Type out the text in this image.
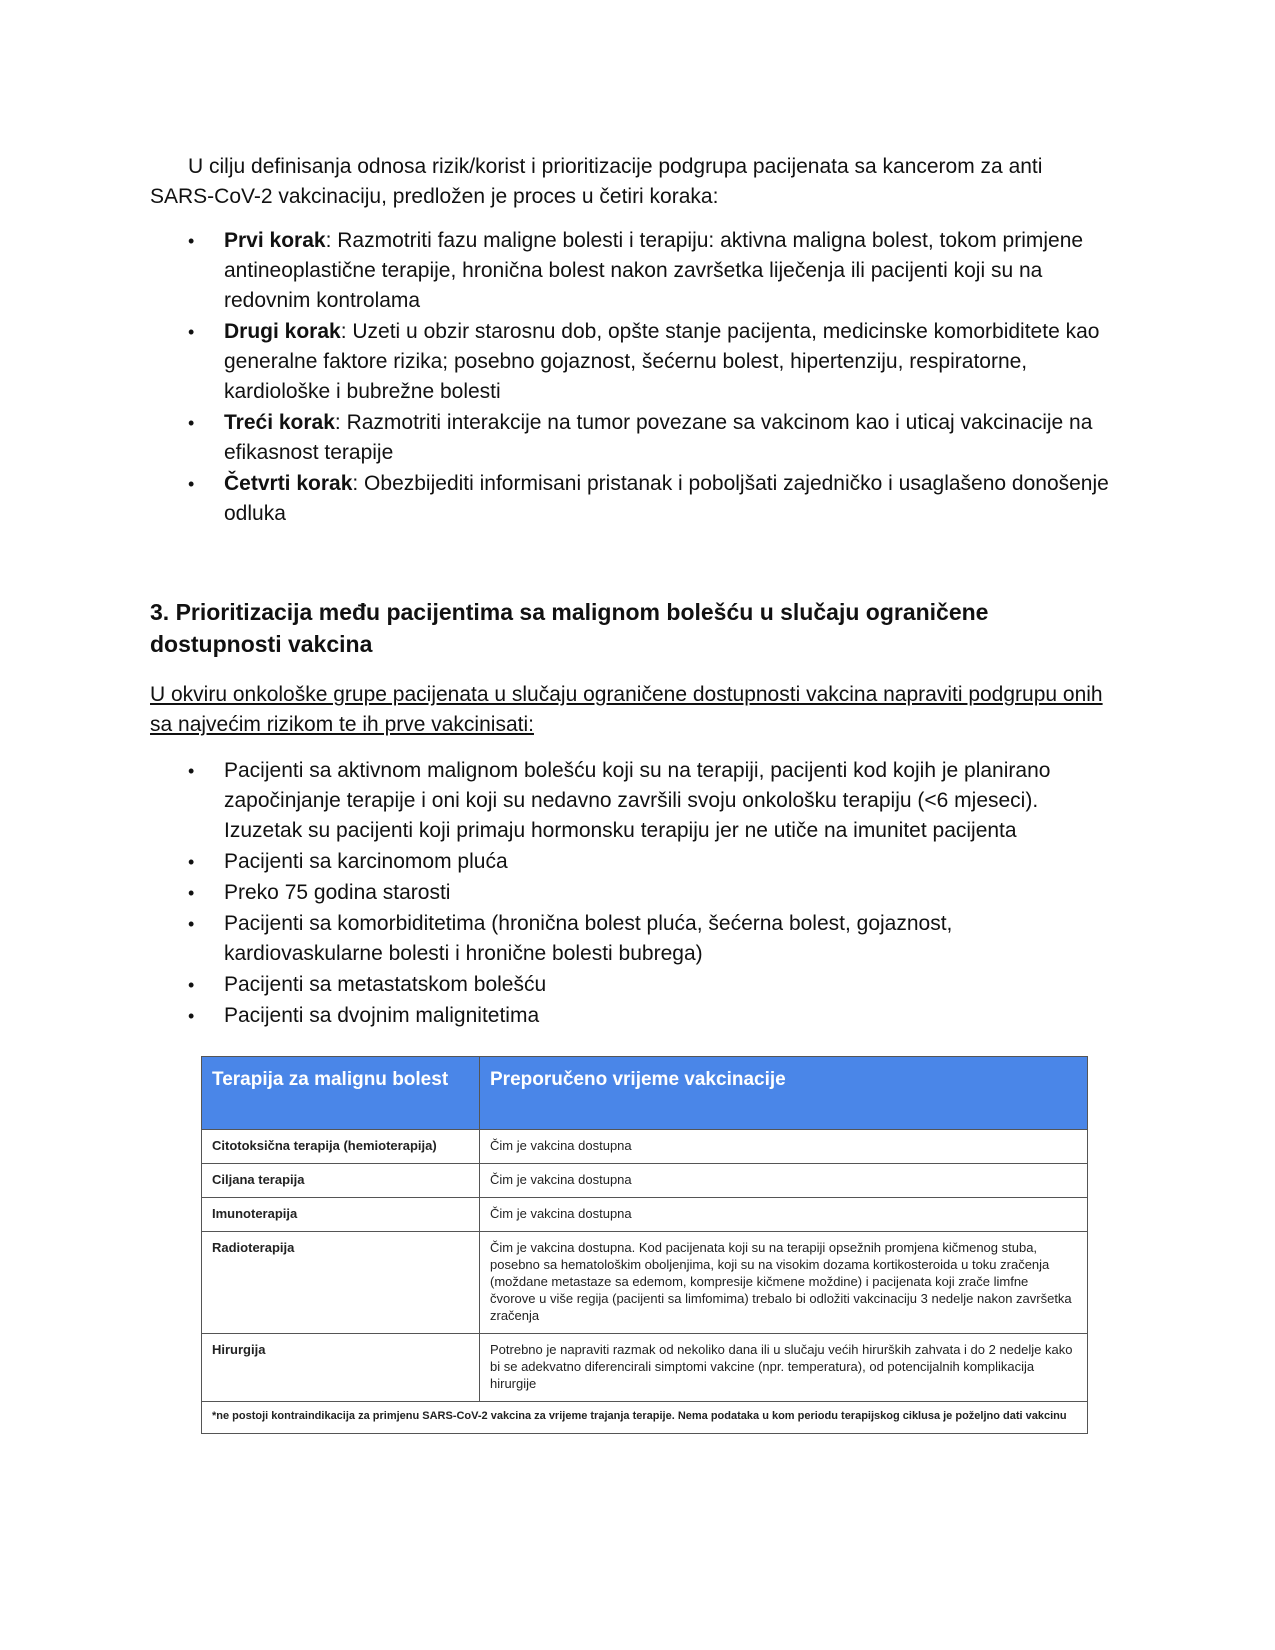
U cilju definisanja odnosa rizik/korist i prioritizacije podgrupa pacijenata sa kancerom za anti SARS-CoV-2 vakcinaciju, predložen je proces u četiri koraka:
• Prvi korak: Razmotriti fazu maligne bolesti i terapiju: aktivna maligna bolest, tokom primjene antineoplastične terapije, hronična bolest nakon završetka liječenja ili pacijenti koji su na redovnim kontrolama
• Drugi korak: Uzeti u obzir starosnu dob, opšte stanje pacijenta, medicinske komorbiditete kao generalne faktore rizika; posebno gojaznost, šećernu bolest, hipertenziju, respiratorne, kardiološke i bubrežne bolesti
• Treći korak: Razmotriti interakcije na tumor povezane sa vakcinom kao i uticaj vakcinacije na efikasnost terapije
• Četvrti korak: Obezbijediti informisani pristanak i poboljšati zajedničko i usaglašeno donošenje odluka
3. Prioritizacija među pacijentima sa malignom bolešću u slučaju ograničene dostupnosti vakcina
U okviru onkološke grupe pacijenata u slučaju ograničene dostupnosti vakcina napraviti podgrupu onih sa najvećim rizikom te ih prve vakcinisati:
• Pacijenti sa aktivnom malignom bolešću koji su na terapiji, pacijenti kod kojih je planirano započinjanje terapije i oni koji su nedavno završili svoju onkološku terapiju (<6 mjeseci). Izuzetak su pacijenti koji primaju hormonsku terapiju jer ne utiče na imunitet pacijenta
• Pacijenti sa karcinomom pluća
• Preko 75 godina starosti
• Pacijenti sa komorbiditetima (hronična bolest pluća, šećerna bolest, gojaznost, kardiovaskularne bolesti i hronične bolesti bubrega)
• Pacijenti sa metastatskom bolešću
• Pacijenti sa dvojnim malignitetima
Terapija za malignu bolest	Preporučeno vrijeme vakcinacije
Citotoksična terapija (hemioterapija)	Čim je vakcina dostupna
Ciljana terapija	Čim je vakcina dostupna
Imunoterapija	Čim je vakcina dostupna
Radioterapija	Čim je vakcina dostupna. Kod pacijenata koji su na terapiji opsežnih promjena kičmenog stuba, posebno sa hematološkim oboljenjima, koji su na visokim dozama kortikosteroida u toku zračenja (moždane metastaze sa edemom, kompresije kičmene moždine) i pacijenata koji zrače limfne čvorove u više regija (pacijenti sa limfomima) trebalo bi odložiti vakcinaciju 3 nedelje nakon završetka zračenja
Hirurgija	Potrebno je napraviti razmak od nekoliko dana ili u slučaju većih hirurških zahvata i do 2 nedelje kako bi se adekvatno diferencirali simptomi vakcine (npr. temperatura), od potencijalnih komplikacija hirurgije
*ne postoji kontraindikacija za primjenu SARS-CoV-2 vakcina za vrijeme trajanja terapije. Nema podataka u kom periodu terapijskog ciklusa je poželjno dati vakcinu	
